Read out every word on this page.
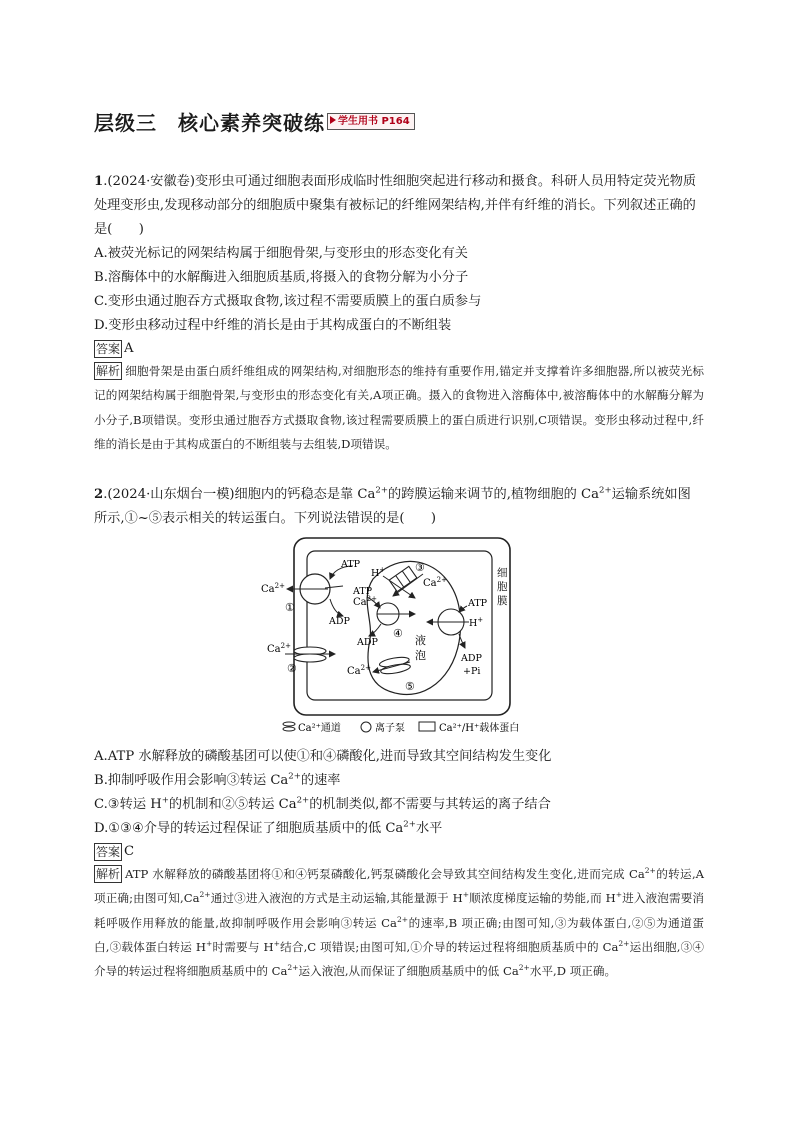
层级三　核心素养突破练	学生用书 P164
1.(2024·安徽卷)变形虫可通过细胞表面形成临时性细胞突起进行移动和摄食。科研人员用特定荧光物质处理变形虫,发现移动部分的细胞质中聚集有被标记的纤维网架结构,并伴有纤维的消长。下列叙述正确的是(　　)
A.被荧光标记的网架结构属于细胞骨架,与变形虫的形态变化有关
B.溶酶体中的水解酶进入细胞质基质,将摄入的食物分解为小分子
C.变形虫通过胞吞方式摄取食物,该过程不需要质膜上的蛋白质参与
D.变形虫移动过程中纤维的消长是由于其构成蛋白的不断组装
答案 A
解析 细胞骨架是由蛋白质纤维组成的网架结构,对细胞形态的维持有重要作用,锚定并支撑着许多细胞器,所以被荧光标记的网架结构属于细胞骨架,与变形虫的形态变化有关,A项正确。摄入的食物进入溶酶体中,被溶酶体中的水解酶分解为小分子,B项错误。变形虫通过胞吞方式摄取食物,该过程需要质膜上的蛋白质进行识别,C项错误。变形虫移动过程中,纤维的消长是由于其构成蛋白的不断组装与去组装,D项错误。
2.(2024·山东烟台一模)细胞内的钙稳态是靠 $Ca^{2+}$的跨膜运输来调节的,植物细胞的 $Ca^{2+}$运输系统如图所示,①~⑤表示相关的转运蛋白。下列说法错误的是(　　)
$Ca^{2+}$
①
ATP
ADP
$Ca^{2+}$
②
H+
$Ca^{2+}$
③
$Ca^{2+}$
ATP
ADP
④
液
泡
$Ca^{2+}$
⑤
ATP
H+
ADP
+Pi
细
胞
膜
Ca²⁺通道	离子泵	Ca²⁺/H⁺载体蛋白
A.ATP 水解释放的磷酸基团可以使①和④磷酸化,进而导致其空间结构发生变化
B.抑制呼吸作用会影响③转运 $Ca^{2+}$的速率
C.③转运 H+的机制和②⑤转运 $Ca^{2+}$的机制类似,都不需要与其转运的离子结合
D.①③④介导的转运过程保证了细胞质基质中的低 $Ca^{2+}$水平
答案 C
解析 ATP 水解释放的磷酸基团将①和④钙泵磷酸化,钙泵磷酸化会导致其空间结构发生变化,进而完成 $Ca^{2+}$的转运,A 项正确;由图可知$,Ca^{2+}$通过③进入液泡的方式是主动运输,其能量源于 H+顺浓度梯度运输的势能,而 H+进入液泡需要消耗呼吸作用释放的能量,故抑制呼吸作用会影响③转运 $Ca^{2+}$的速率,B 项正确;由图可知,③为载体蛋白,②⑤为通道蛋白,③载体蛋白转运 H+时需要与 H+结合,C 项错误;由图可知,①介导的转运过程将细胞质基质中的 $Ca^{2+}$运出细胞,③④介导的转运过程将细胞质基质中的 $Ca^{2+}$运入液泡,从而保证了细胞质基质中的低 $Ca^{2+}$水平,D 项正确。
